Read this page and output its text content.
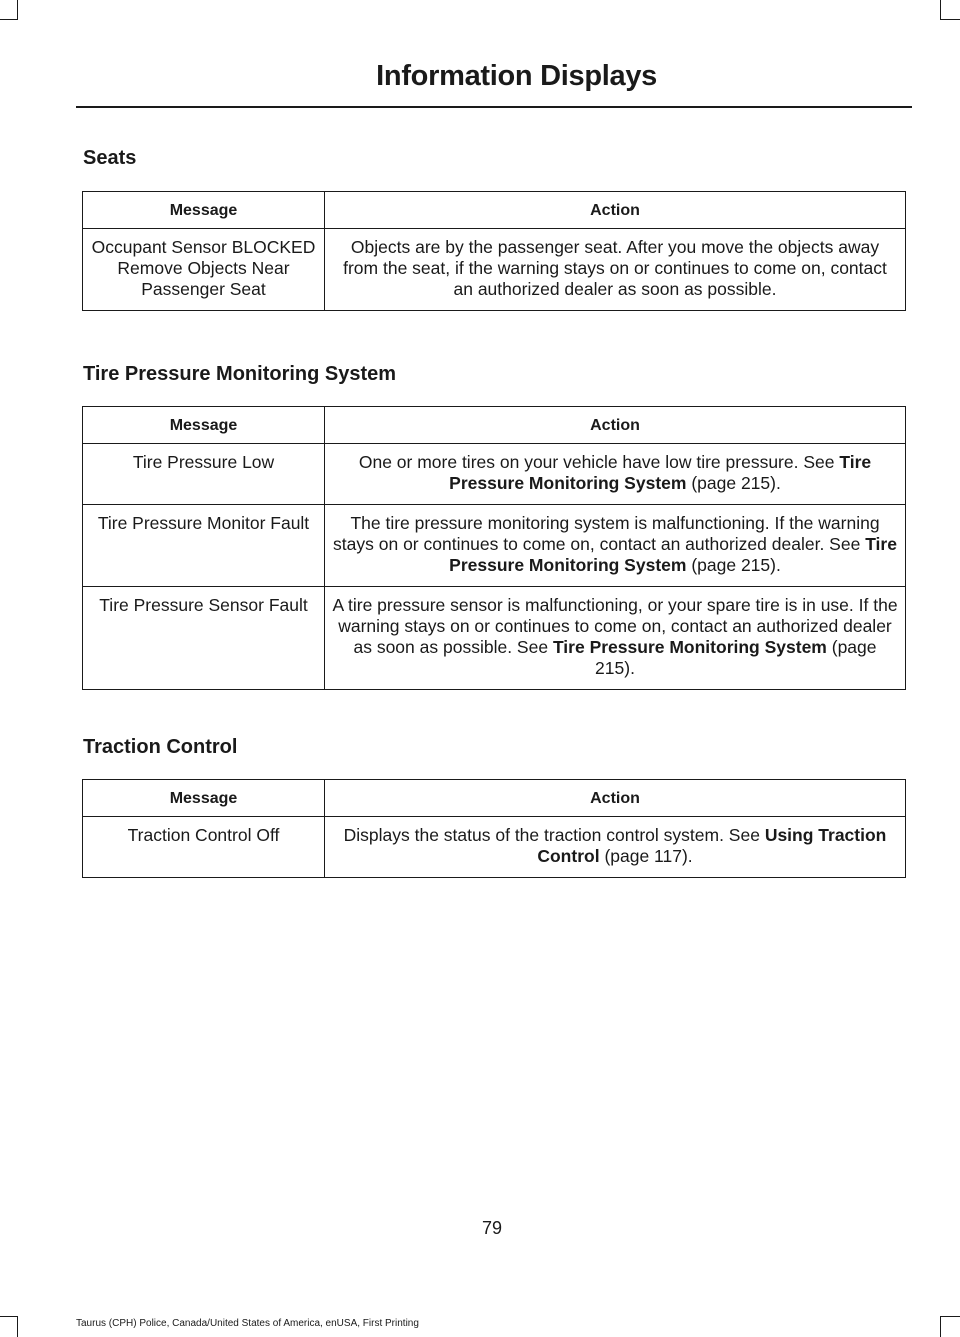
Information Displays
Seats
Message	Action
Occupant Sensor BLOCKED Remove Objects Near Passenger Seat	Objects are by the passenger seat. After you move the objects away from the seat, if the warning stays on or continues to come on, contact an authorized dealer as soon as possible.
Tire Pressure Monitoring System
Message	Action
Tire Pressure Low	One or more tires on your vehicle have low tire pressure. See Tire Pressure Monitoring System (page 215).
Tire Pressure Monitor Fault	The tire pressure monitoring system is malfunctioning. If the warning stays on or continues to come on, contact an authorized dealer. See Tire Pressure Monitoring System (page 215).
Tire Pressure Sensor Fault	A tire pressure sensor is malfunctioning, or your spare tire is in use. If the warning stays on or continues to come on, contact an authorized dealer as soon as possible. See Tire Pressure Monitoring System (page 215).
Traction Control
Message	Action
Traction Control Off	Displays the status of the traction control system. See Using Traction Control (page 117).
79
Taurus (CPH) Police, Canada/United States of America, enUSA, First Printing
